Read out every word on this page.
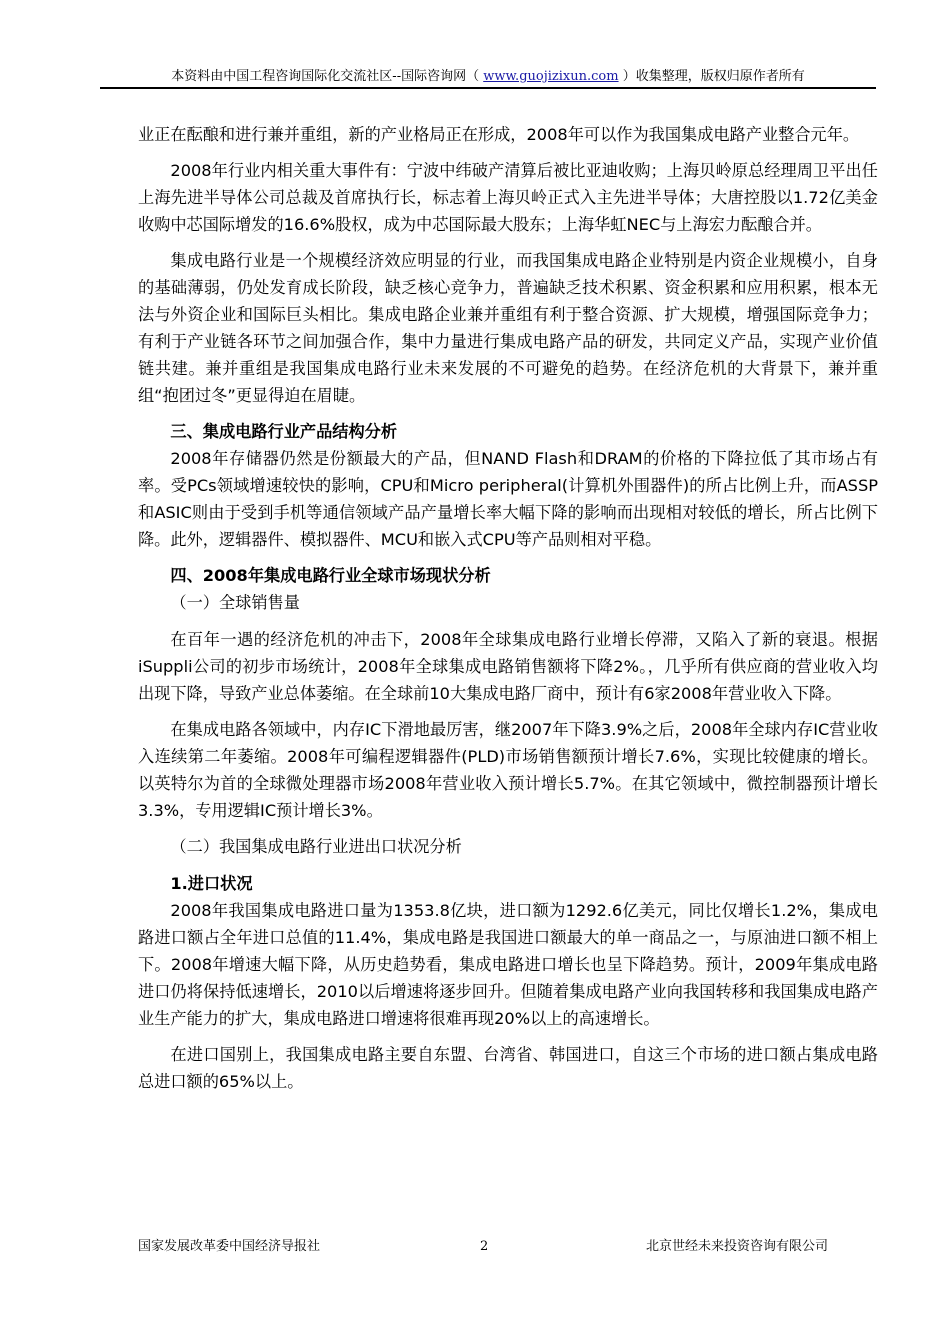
本资料由中国工程咨询国际化交流社区--国际咨询网（ www.guojizixun.com ）收集整理，版权归原作者所有

业正在酝酿和进行兼并重组，新的产业格局正在形成，2008年可以作为我国集成电路产业整合元年。

2008年行业内相关重大事件有：宁波中纬破产清算后被比亚迪收购；上海贝岭原总经理周卫平出任上海先进半导体公司总裁及首席执行长，标志着上海贝岭正式入主先进半导体；大唐控股以1.72亿美金收购中芯国际增发的16.6%股权，成为中芯国际最大股东；上海华虹NEC与上海宏力酝酿合并。

集成电路行业是一个规模经济效应明显的行业，而我国集成电路企业特别是内资企业规模小，自身的基础薄弱，仍处发育成长阶段，缺乏核心竞争力，普遍缺乏技术积累、资金积累和应用积累，根本无法与外资企业和国际巨头相比。集成电路企业兼并重组有利于整合资源、扩大规模，增强国际竞争力；有利于产业链各环节之间加强合作，集中力量进行集成电路产品的研发，共同定义产品，实现产业价值链共建。兼并重组是我国集成电路行业未来发展的不可避免的趋势。在经济危机的大背景下，兼并重组“抱团过冬”更显得迫在眉睫。

三、集成电路行业产品结构分析

2008年存储器仍然是份额最大的产品，但NAND Flash和DRAM的价格的下降拉低了其市场占有率。受PCs领域增速较快的影响，CPU和Micro peripheral(计算机外围器件)的所占比例上升，而ASSP和ASIC则由于受到手机等通信领域产品产量增长率大幅下降的影响而出现相对较低的增长，所占比例下降。此外，逻辑器件、模拟器件、MCU和嵌入式CPU等产品则相对平稳。

四、2008年集成电路行业全球市场现状分析
（一）全球销售量

在百年一遇的经济危机的冲击下，2008年全球集成电路行业增长停滞，又陷入了新的衰退。根据iSuppli公司的初步市场统计，2008年全球集成电路销售额将下降2%。，几乎所有供应商的营业收入均出现下降，导致产业总体萎缩。在全球前10大集成电路厂商中，预计有6家2008年营业收入下降。

在集成电路各领域中，内存IC下滑地最厉害，继2007年下降3.9%之后，2008年全球内存IC营业收入连续第二年萎缩。2008年可编程逻辑器件(PLD)市场销售额预计增长7.6%，实现比较健康的增长。以英特尔为首的全球微处理器市场2008年营业收入预计增长5.7%。在其它领域中，微控制器预计增长3.3%，专用逻辑IC预计增长3%。

（二）我国集成电路行业进出口状况分析
1.进口状况

2008年我国集成电路进口量为1353.8亿块，进口额为1292.6亿美元，同比仅增长1.2%，集成电路进口额占全年进口总值的11.4%，集成电路是我国进口额最大的单一商品之一，与原油进口额不相上下。2008年增速大幅下降，从历史趋势看，集成电路进口增长也呈下降趋势。预计，2009年集成电路进口仍将保持低速增长，2010以后增速将逐步回升。但随着集成电路产业向我国转移和我国集成电路产业生产能力的扩大，集成电路进口增速将很难再现20%以上的高速增长。

在进口国别上，我国集成电路主要自东盟、台湾省、韩国进口，自这三个市场的进口额占集成电路总进口额的65%以上。

国家发展改革委中国经济导报社	2	北京世经未来投资咨询有限公司
